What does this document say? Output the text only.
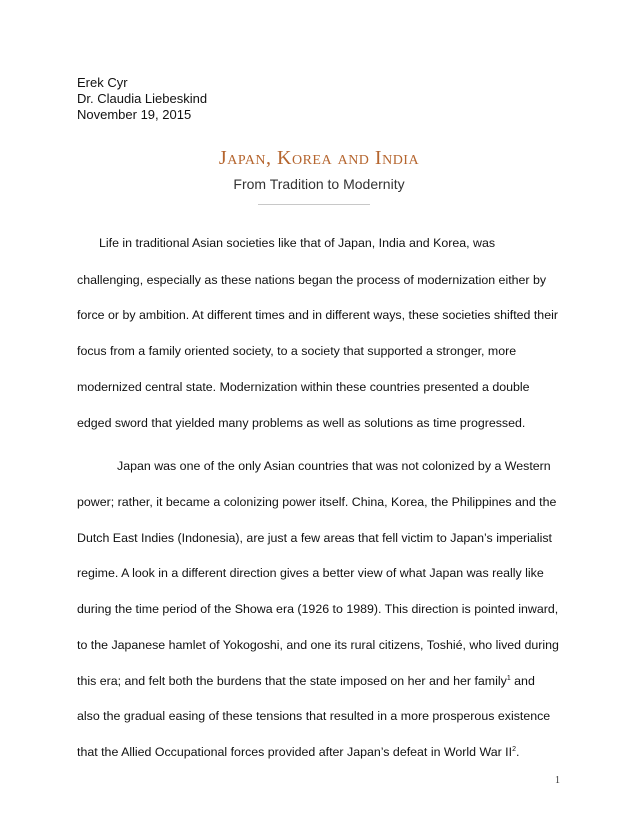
Erek Cyr
Dr. Claudia Liebeskind
November 19, 2015
Japan, Korea and India
From Tradition to Modernity
Life in traditional Asian societies like that of Japan, India and Korea, was
challenging, especially as these nations began the process of modernization either by
force or by ambition. At different times and in different ways, these societies shifted their
focus from a family oriented society, to a society that supported a stronger, more
modernized central state. Modernization within these countries presented a double
edged sword that yielded many problems as well as solutions as time progressed.
Japan was one of the only Asian countries that was not colonized by a Western
power; rather, it became a colonizing power itself. China, Korea, the Philippines and the
Dutch East Indies (Indonesia), are just a few areas that fell victim to Japan’s imperialist
regime. A look in a different direction gives a better view of what Japan was really like
during the time period of the Showa era (1926 to 1989). This direction is pointed inward,
to the Japanese hamlet of Yokogoshi, and one its rural citizens, Toshié, who lived during
this era; and felt both the burdens that the state imposed on her and her family$^1$ and
also the gradual easing of these tensions that resulted in a more prosperous existence
that the Allied Occupational forces provided after Japan’s defeat in World War $II^2$.
1
